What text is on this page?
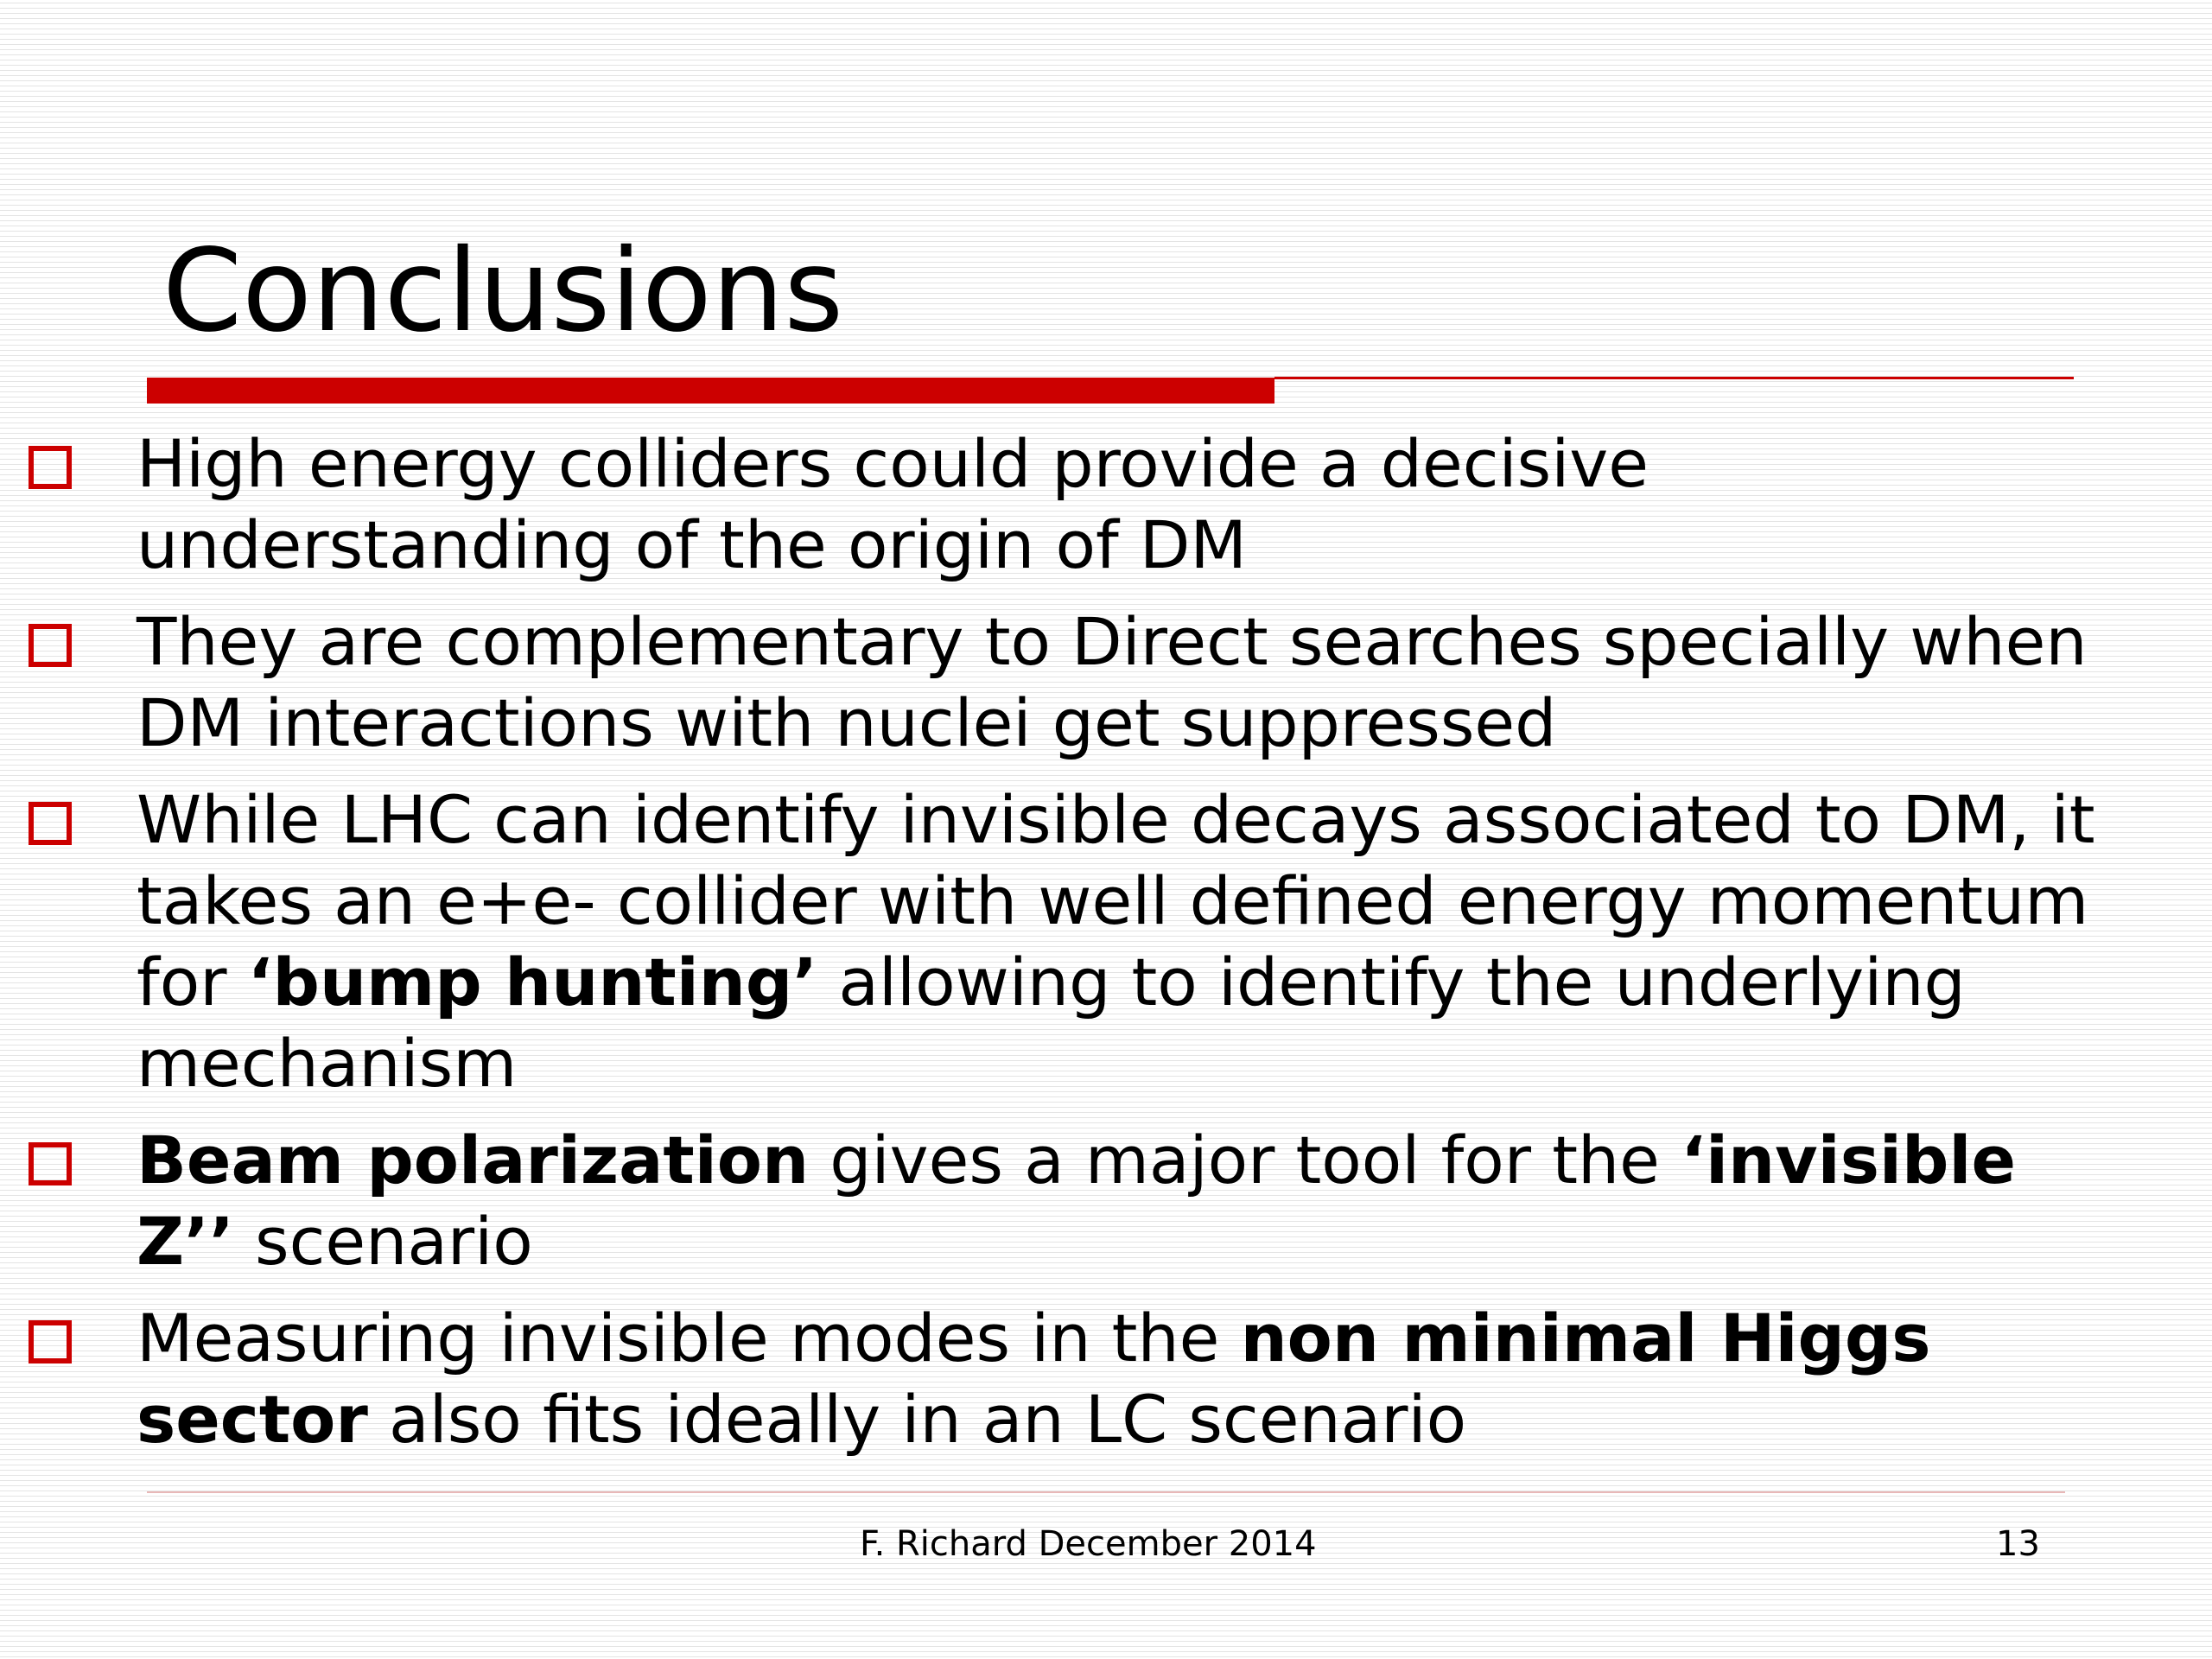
Conclusions
High energy colliders could provide a decisive
understanding of the origin of DM
They are complementary to Direct searches specially when
DM interactions with nuclei get suppressed
While LHC can identify invisible decays associated to DM, it
takes an e+e- collider with well defined energy momentum
for ‘bump hunting’ allowing to identify the underlying
mechanism
Beam polarization gives a major tool for the ‘invisible
Z’’ scenario
Measuring invisible modes in the non minimal Higgs
sector also fits ideally in an LC scenario
F. Richard December 2014	13
